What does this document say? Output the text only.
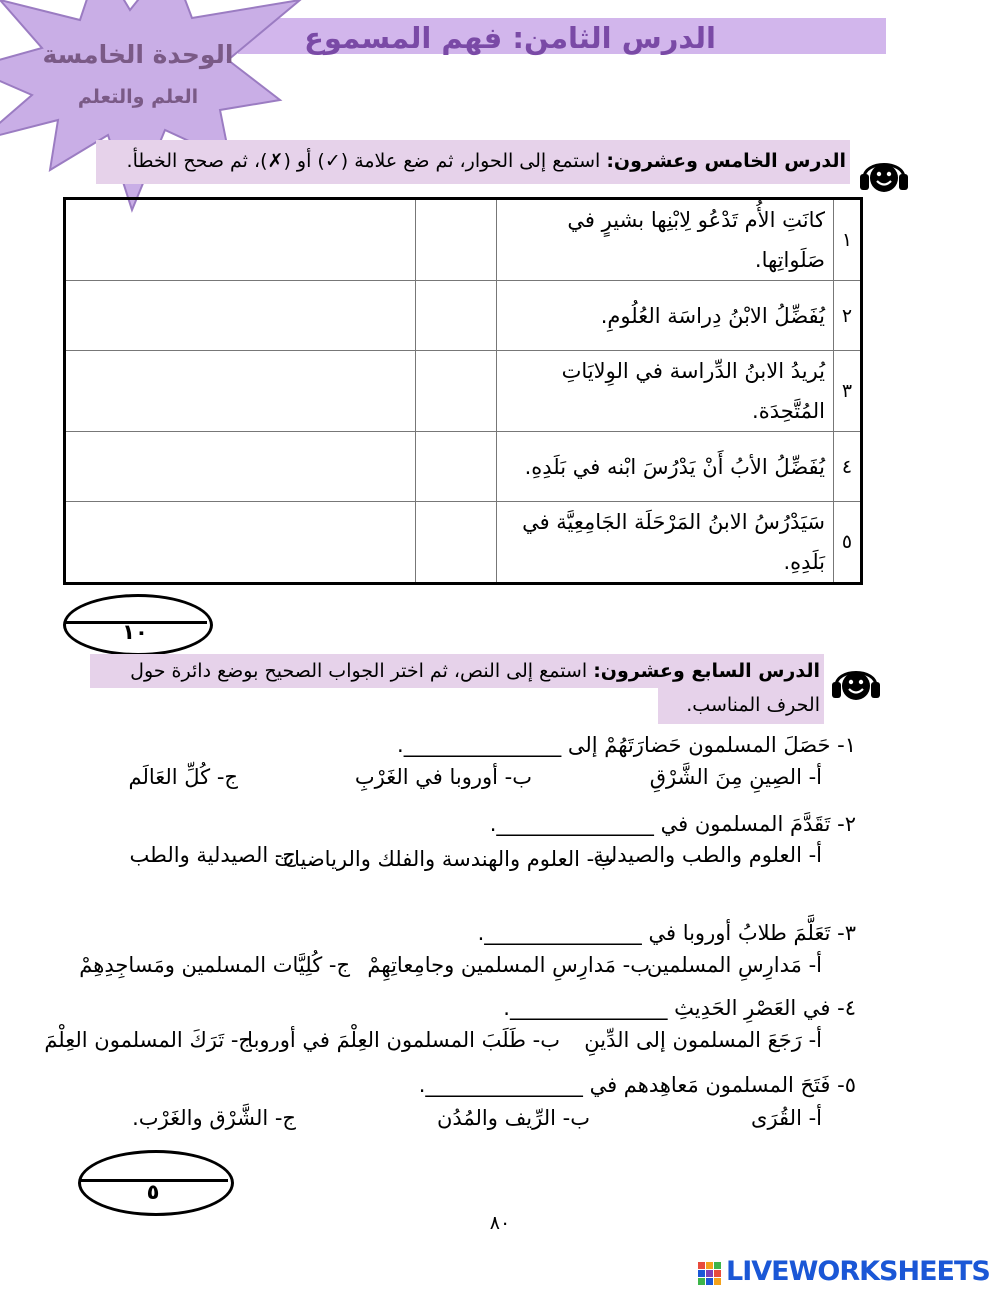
الدرس الثامن: فهم المسموع
الوحدة الخامسة
العلم والتعلم
الدرس الخامس وعشرون: استمع إلى الحوار، ثم ضع علامة (✓) أو (✗)، ثم صحح الخطأ.
١	كانَتِ الأُم تَدْعُو لِابْنِها بشيرٍ في صَلَواتِها.		
٢	يُفَضِّلُ الابْنُ دِراسَة العُلُومِ.		
٣	يُريدُ الابنُ الدِّراسة في الوِلايَاتِ المُتَّحِدَة.		
٤	يُفَضِّلُ الأبُ أَنْ يَدْرُسَ ابْنه في بَلَدِهِ.		
٥	سَيَدْرُسُ الابنُ المَرْحَلَة الجَامِعِيَّة في بَلَدِهِ.		
١٠
الدرس السابع وعشرون: استمع إلى النص، ثم اختر الجواب الصحيح بوضع دائرة حول الحرف المناسب.
١- حَصَلَ المسلمون حَضارَتَهُمْ إلى _______________.
أ- الصِينِ مِنَ الشَّرْقِ
ب- أوروبا في الغَرْبِ
ج- كُلِّ العَالَم
٢- تَقَدَّمَ المسلمون في _______________.
أ- العلوم والطب والصيدلية
ب- العلوم والهندسة والفلك والرياضيات
ج- الصيدلية والطب
٣- تَعَلَّمَ طلابُ أوروبا في _______________.
أ- مَدارِسِ المسلمين
ب- مَدارِسِ المسلمين وجامِعاتِهِمْ
ج- كُلِيَّات المسلمين ومَساجِدِهِمْ
٤- في العَصْرِ الحَدِيثِ _______________.
أ- رَجَعَ المسلمون إلى الدِّينِ
ب- طَلَبَ المسلمون العِلْمَ في أوروبا
ج- تَرَكَ المسلمون العِلْمَ
٥- فَتَحَ المسلمون مَعاهِدهم في _______________.
أ- القُرَى
ب- الرِّيف والمُدُن
ج- الشَّرْق والغَرْب.
٥
٨٠
LIVEWORKSHEETS
